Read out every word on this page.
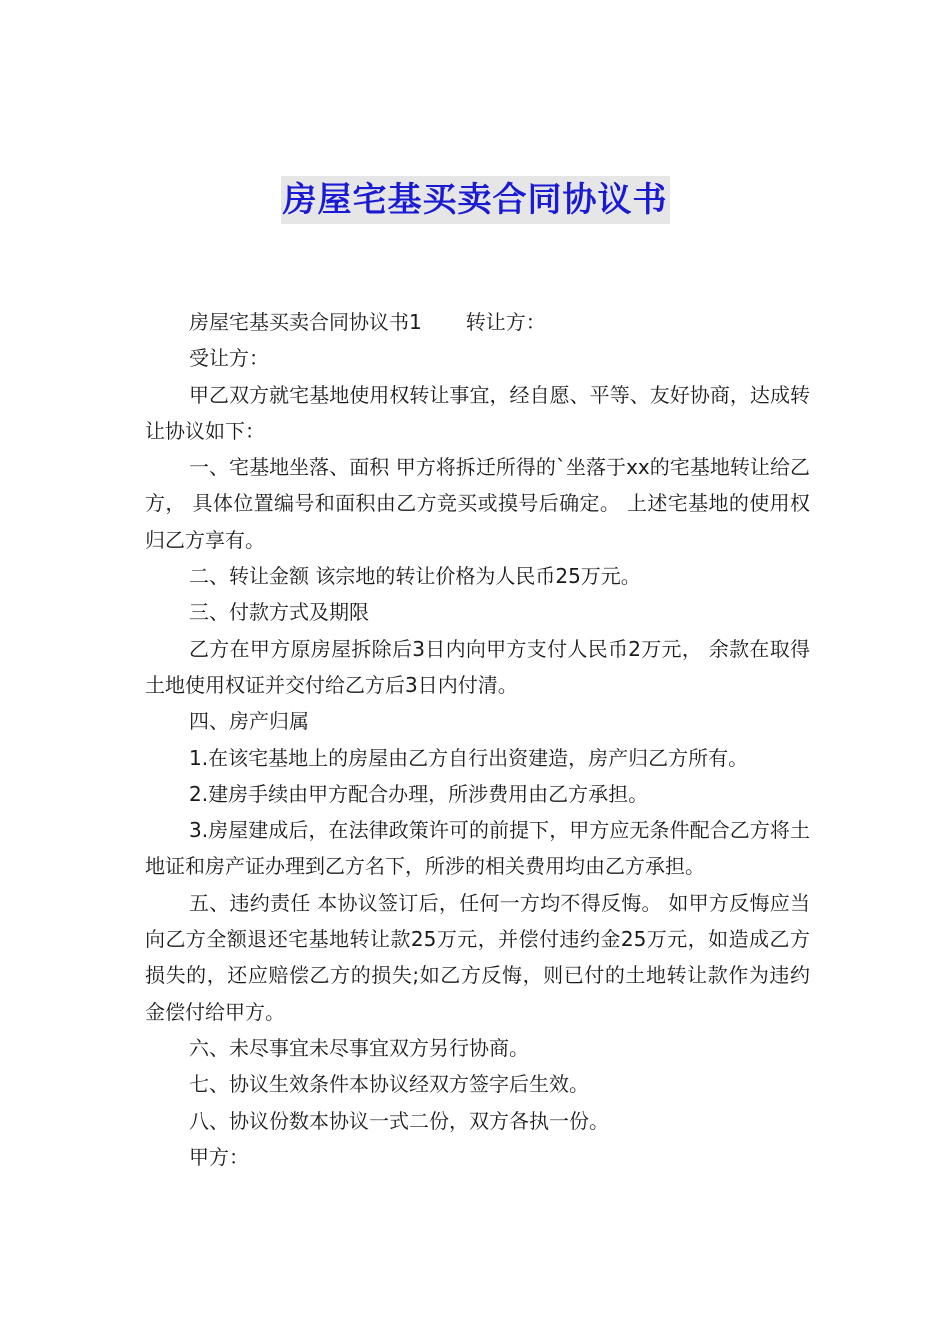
房屋宅基买卖合同协议书

房屋宅基买卖合同协议书1 转让方：

受让方：

甲乙双方就宅基地使用权转让事宜，经自愿、平等、友好协商，达成转让协议如下：

一、宅基地坐落、面积 甲方将拆迁所得的`坐落于xx的宅基地转让给乙方， 具体位置编号和面积由乙方竞买或摸号后确定。 上述宅基地的使用权归乙方享有。

二、转让金额 该宗地的转让价格为人民币25万元。

三、付款方式及期限

乙方在甲方原房屋拆除后3日内向甲方支付人民币2万元， 余款在取得土地使用权证并交付给乙方后3日内付清。

四、房产归属

1.在该宅基地上的房屋由乙方自行出资建造，房产归乙方所有。

2.建房手续由甲方配合办理，所涉费用由乙方承担。

3.房屋建成后，在法律政策许可的前提下，甲方应无条件配合乙方将土地证和房产证办理到乙方名下，所涉的相关费用均由乙方承担。

五、违约责任 本协议签订后，任何一方均不得反悔。 如甲方反悔应当向乙方全额退还宅基地转让款25万元，并偿付违约金25万元，如造成乙方损失的，还应赔偿乙方的损失;如乙方反悔，则已付的土地转让款作为违约金偿付给甲方。

六、未尽事宜未尽事宜双方另行协商。

七、协议生效条件本协议经双方签字后生效。

八、协议份数本协议一式二份，双方各执一份。

甲方：
